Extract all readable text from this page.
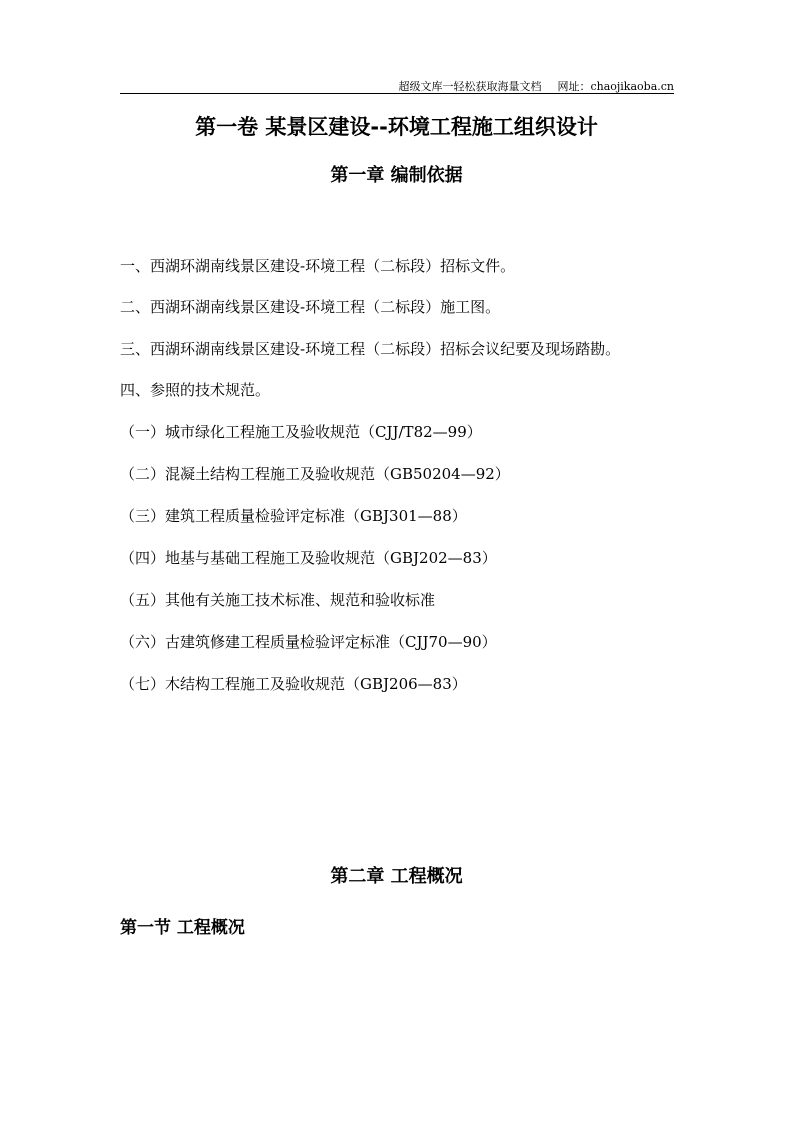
超级文库一轻松获取海量文档 网址：chaojikaoba.cn
第一卷 某景区建设--环境工程施工组织设计
第一章 编制依据
一、西湖环湖南线景区建设-环境工程（二标段）招标文件。
二、西湖环湖南线景区建设-环境工程（二标段）施工图。
三、西湖环湖南线景区建设-环境工程（二标段）招标会议纪要及现场踏勘。
四、参照的技术规范。
（一）城市绿化工程施工及验收规范（CJJ/T82—99）
（二）混凝土结构工程施工及验收规范（GB50204—92）
（三）建筑工程质量检验评定标准（GBJ301—88）
（四）地基与基础工程施工及验收规范（GBJ202—83）
（五）其他有关施工技术标准、规范和验收标准
（六）古建筑修建工程质量检验评定标准（CJJ70—90）
（七）木结构工程施工及验收规范（GBJ206—83）
第二章 工程概况
第一节 工程概况
